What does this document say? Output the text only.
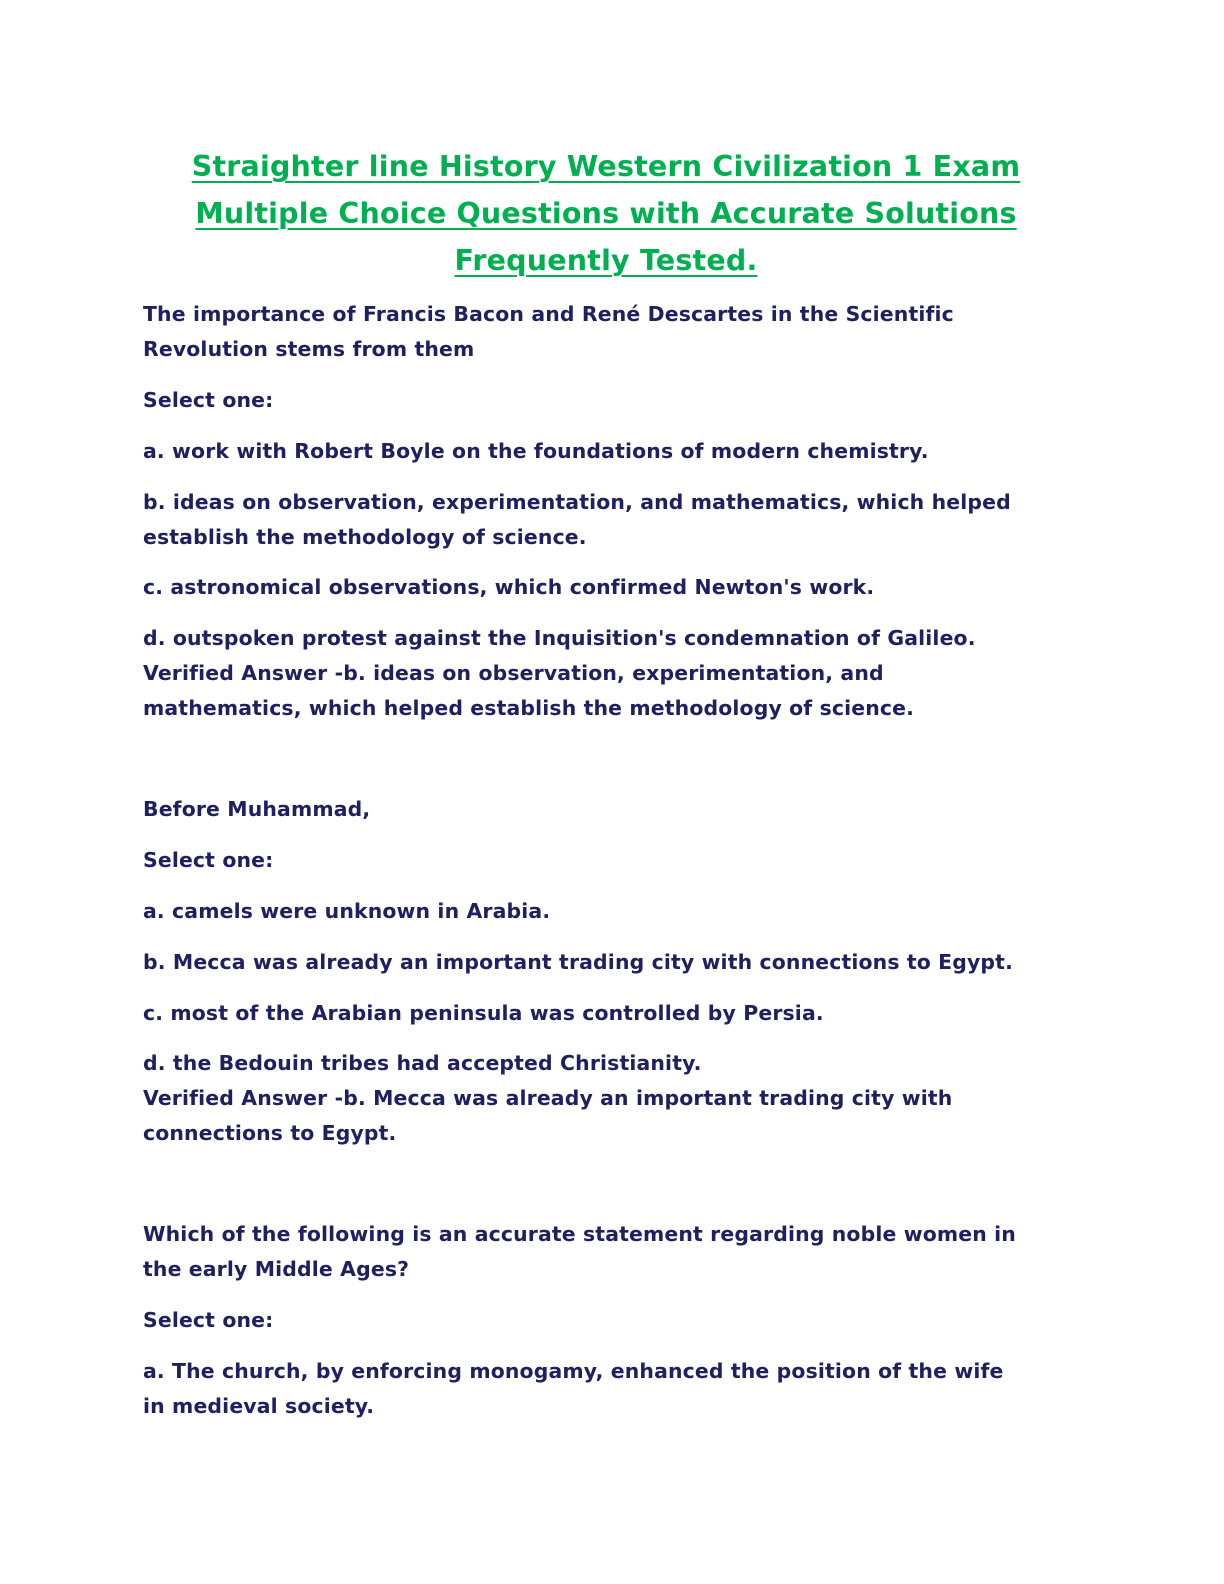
Straighter line History Western Civilization 1 Exam
Multiple Choice Questions with Accurate Solutions
Frequently Tested.

The importance of Francis Bacon and René Descartes in the Scientific
Revolution stems from them

Select one:

a. work with Robert Boyle on the foundations of modern chemistry.

b. ideas on observation, experimentation, and mathematics, which helped
establish the methodology of science.

c. astronomical observations, which confirmed Newton's work.

d. outspoken protest against the Inquisition's condemnation of Galileo.

Verified Answer -b. ideas on observation, experimentation, and
mathematics, which helped establish the methodology of science.

Before Muhammad,

Select one:

a. camels were unknown in Arabia.

b. Mecca was already an important trading city with connections to Egypt.

c. most of the Arabian peninsula was controlled by Persia.

d. the Bedouin tribes had accepted Christianity.

Verified Answer -b. Mecca was already an important trading city with
connections to Egypt.

Which of the following is an accurate statement regarding noble women in
the early Middle Ages?

Select one:

a. The church, by enforcing monogamy, enhanced the position of the wife
in medieval society.
